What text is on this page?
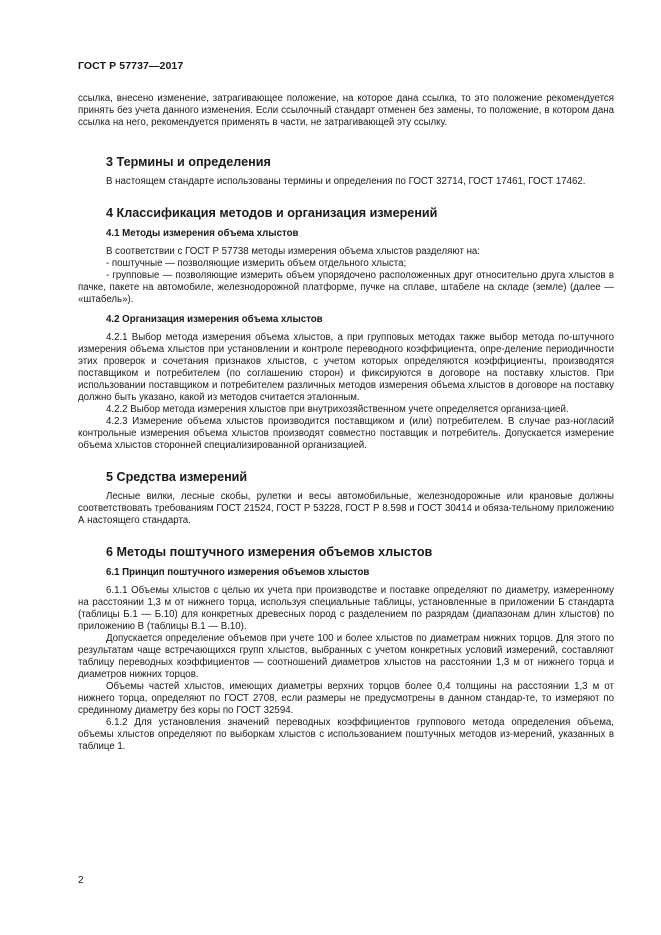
ГОСТ Р 57737—2017

ссылка, внесено изменение, затрагивающее положение, на которое дана ссылка, то это положение рекомендуется принять без учета данного изменения. Если ссылочный стандарт отменен без замены, то положение, в котором дана ссылка на него, рекомендуется применять в части, не затрагивающей эту ссылку.

3 Термины и определения

В настоящем стандарте использованы термины и определения по ГОСТ 32714, ГОСТ 17461, ГОСТ 17462.

4 Классификация методов и организация измерений
4.1 Методы измерения объема хлыстов

В соответствии с ГОСТ Р 57738 методы измерения объема хлыстов разделяют на:

- поштучные — позволяющие измерить объем отдельного хлыста;

- групповые — позволяющие измерить объем упорядочено расположенных друг относительно друга хлыстов в пачке, пакете на автомобиле, железнодорожной платформе, пучке на сплаве, штабеле на складе (земле) (далее — «штабель»).

4.2 Организация измерения объема хлыстов

4.2.1 Выбор метода измерения объема хлыстов, а при групповых методах также выбор метода по-штучного измерения объема хлыстов при установлении и контроле переводного коэффициента, опре-деление периодичности этих проверок и сочетания признаков хлыстов, с учетом которых определяются коэффициенты, производятся поставщиком и потребителем (по соглашению сторон) и фиксируются в договоре на поставку хлыстов. При использовании поставщиком и потребителем различных методов измерения объема хлыстов в договоре на поставку должно быть указано, какой из методов считается эталонным.

4.2.2 Выбор метода измерения хлыстов при внутрихозяйственном учете определяется организа-цией.

4.2.3 Измерение объема хлыстов производится поставщиком и (или) потребителем. В случае раз-ногласий контрольные измерения объема хлыстов производят совместно поставщик и потребитель. Допускается измерение объема хлыстов сторонней специализированной организацией.

5 Средства измерений

Лесные вилки, лесные скобы, рулетки и весы автомобильные, железнодорожные или крановые должны соответствовать требованиям ГОСТ 21524, ГОСТ Р 53228, ГОСТ Р 8.598 и ГОСТ 30414 и обяза-тельному приложению А настоящего стандарта.

6 Методы поштучного измерения объемов хлыстов
6.1 Принцип поштучного измерения объемов хлыстов

6.1.1 Объемы хлыстов с целью их учета при производстве и поставке определяют по диаметру, измеренному на расстоянии 1,3 м от нижнего торца, используя специальные таблицы, установленные в приложении Б стандарта (таблицы Б.1 — Б.10) для конкретных древесных пород с разделением по разрядам (диапазонам длин хлыстов) по приложению В (таблицы В.1 — В.10).

Допускается определение объемов при учете 100 и более хлыстов по диаметрам нижних торцов. Для этого по результатам чаще встречающихся групп хлыстов, выбранных с учетом конкретных условий измерений, составляют таблицу переводных коэффициентов — соотношений диаметров хлыстов на расстоянии 1,3 м от нижнего торца и диаметров нижних торцов.

Объемы частей хлыстов, имеющих диаметры верхних торцов более 0,4 толщины на расстоянии 1,3 м от нижнего торца, определяют по ГОСТ 2708, если размеры не предусмотрены в данном стандар-те, то измеряют по срединному диаметру без коры по ГОСТ 32594.

6.1.2 Для установления значений переводных коэффициентов группового метода определения объема, объемы хлыстов определяют по выборкам хлыстов с использованием поштучных методов из-мерений, указанных в таблице 1.

2
